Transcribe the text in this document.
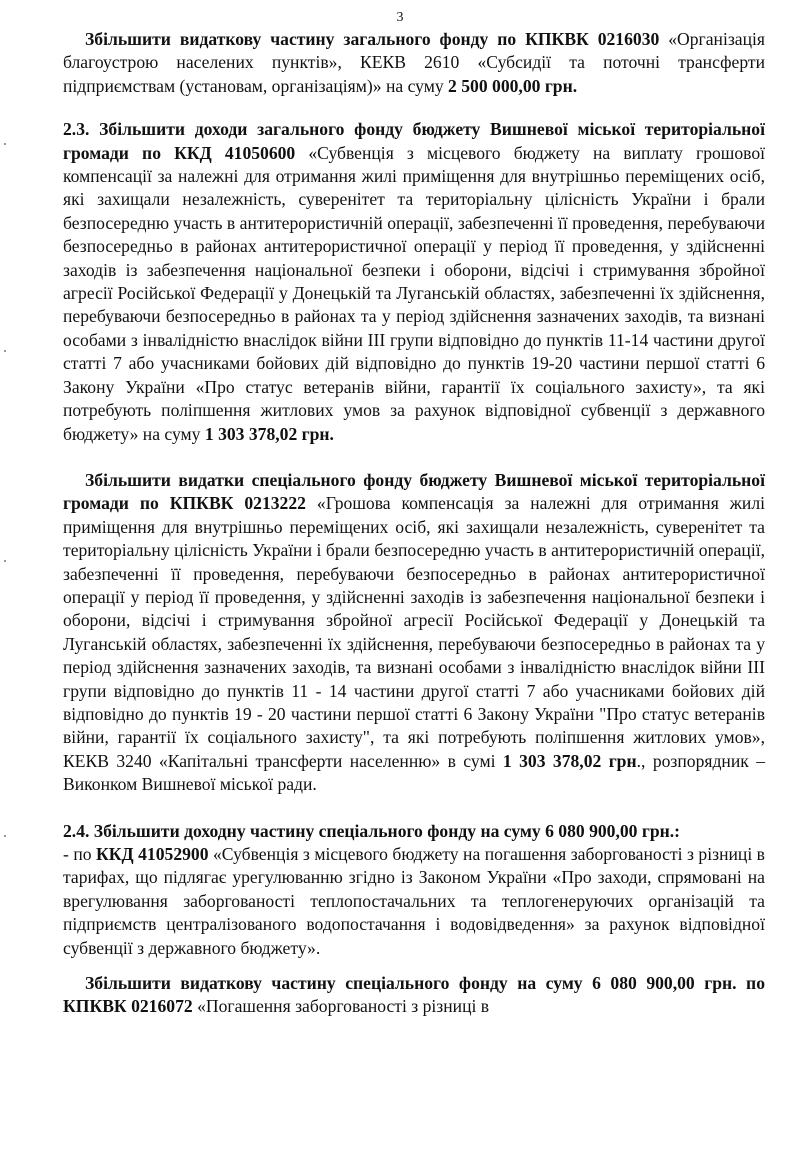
3

Збільшити видаткову частину загального фонду по КПКВК 0216030 «Організація благоустрою населених пунктів», КЕКВ 2610 «Субсидії та поточні трансферти підприємствам (установам, організаціям)» на суму 2 500 000,00 грн.

2.3. Збільшити доходи загального фонду бюджету Вишневої міської територіальної громади по ККД 41050600 «Субвенція з місцевого бюджету на виплату грошової компенсації за належні для отримання жилі приміщення для внутрішньо переміщених осіб, які захищали незалежність, суверенітет та територіальну цілісність України і брали безпосередню участь в антитерористичній операції, забезпеченні її проведення, перебуваючи безпосередньо в районах антитерористичної операції у період її проведення, у здійсненні заходів із забезпечення національної безпеки і оборони, відсічі і стримування збройної агресії Російської Федерації у Донецькій та Луганській областях, забезпеченні їх здійснення, перебуваючи безпосередньо в районах та у період здійснення зазначених заходів, та визнані особами з інвалідністю внаслідок війни III групи відповідно до пунктів 11-14 частини другої статті 7 або учасниками бойових дій відповідно до пунктів 19-20 частини першої статті 6 Закону України «Про статус ветеранів війни, гарантії їх соціального захисту», та які потребують поліпшення житлових умов за рахунок відповідної субвенції з державного бюджету» на суму 1 303 378,02 грн.

Збільшити видатки спеціального фонду бюджету Вишневої міської територіальної громади по КПКВК 0213222 «Грошова компенсація за належні для отримання жилі приміщення для внутрішньо переміщених осіб, які захищали незалежність, суверенітет та територіальну цілісність України і брали безпосередню участь в антитерористичній операції, забезпеченні її проведення, перебуваючи безпосередньо в районах антитерористичної операції у період її проведення, у здійсненні заходів із забезпечення національної безпеки і оборони, відсічі і стримування збройної агресії Російської Федерації у Донецькій та Луганській областях, забезпеченні їх здійснення, перебуваючи безпосередньо в районах та у період здійснення зазначених заходів, та визнані особами з інвалідністю внаслідок війни III групи відповідно до пунктів 11 - 14 частини другої статті 7 або учасниками бойових дій відповідно до пунктів 19 - 20 частини першої статті 6 Закону України "Про статус ветеранів війни, гарантії їх соціального захисту", та які потребують поліпшення житлових умов», КЕКВ 3240 «Капітальні трансферти населенню» в сумі 1 303 378,02 грн., розпорядник – Виконком Вишневої міської ради.

2.4. Збільшити доходну частину спеціального фонду на суму 6 080 900,00 грн.:

- по ККД 41052900 «Субвенція з місцевого бюджету на погашення заборгованості з різниці в тарифах, що підлягає урегулюванню згідно із Законом України «Про заходи, спрямовані на врегулювання заборгованості теплопостачальних та теплогенеруючих організацій та підприємств централізованого водопостачання і водовідведення» за рахунок відповідної субвенції з державного бюджету».

Збільшити видаткову частину спеціального фонду на суму 6 080 900,00 грн. по КПКВК 0216072 «Погашення заборгованості з різниці в
